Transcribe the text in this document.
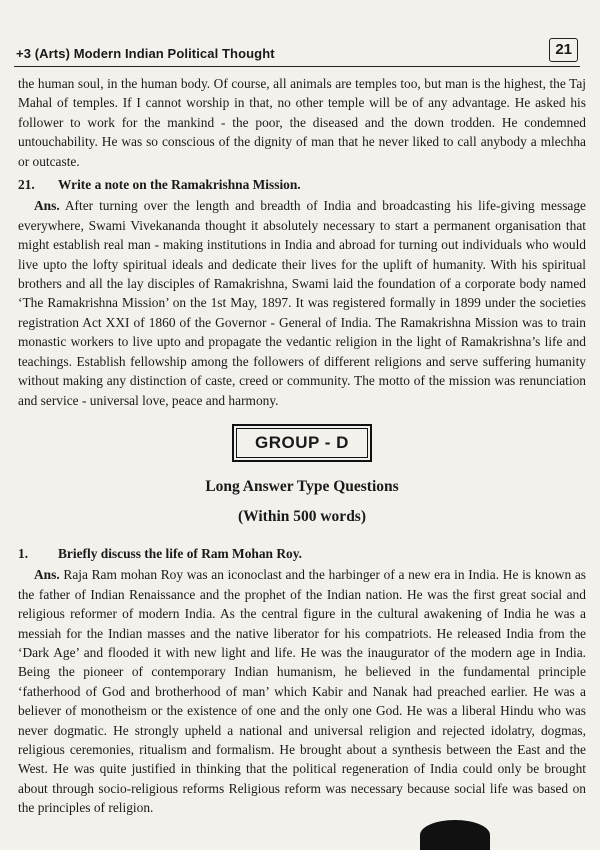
+3 (Arts) Modern Indian Political Thought	21

the human soul, in the human body. Of course, all animals are temples too, but man is the highest, the Taj Mahal of temples. If I cannot worship in that, no other temple will be of any advantage. He asked his follower to work for the mankind - the poor, the diseased and the down trodden. He condemned untouchability. He was so conscious of the dignity of man that he never liked to call anybody a mlechha or outcaste.

21.	Write a note on the Ramakrishna Mission.

Ans. After turning over the length and breadth of India and broadcasting his life-giving message everywhere, Swami Vivekananda thought it absolutely necessary to start a permanent organisation that might establish real man - making institutions in India and abroad for turning out individuals who would live upto the lofty spiritual ideals and dedicate their lives for the uplift of humanity. With his spiritual brothers and all the lay disciples of Ramakrishna, Swami laid the foundation of a corporate body named ‘The Ramakrishna Mission’ on the 1st May, 1897. It was registered formally in 1899 under the societies registration Act XXI of 1860 of the Governor - General of India. The Ramakrishna Mission was to train monastic workers to live upto and propagate the vedantic religion in the light of Ramakrishna’s life and teachings. Establish fellowship among the followers of different religions and serve suffering humanity without making any distinction of caste, creed or community. The motto of the mission was renunciation and service - universal love, peace and harmony.

GROUP - D
Long Answer Type Questions
(Within 500 words)
1.	Briefly discuss the life of Ram Mohan Roy.

Ans. Raja Ram mohan Roy was an iconoclast and the harbinger of a new era in India. He is known as the father of Indian Renaissance and the prophet of the Indian nation. He was the first great social and religious reformer of modern India. As the central figure in the cultural awakening of India he was a messiah for the Indian masses and the native liberator for his compatriots. He released India from the ‘Dark Age’ and flooded it with new light and life. He was the inaugurator of the modern age in India. Being the pioneer of contemporary Indian humanism, he believed in the fundamental principle ‘fatherhood of God and brotherhood of man’ which Kabir and Nanak had preached earlier. He was a believer of monotheism or the existence of one and the only one God. He was a liberal Hindu who was never dogmatic. He strongly upheld a national and universal religion and rejected idolatry, dogmas, religious ceremonies, ritualism and formalism. He brought about a synthesis between the East and the West. He was quite justified in thinking that the political regeneration of India could only be brought about through socio-religious reforms Religious reform was necessary because social life was based on the principles of religion.
